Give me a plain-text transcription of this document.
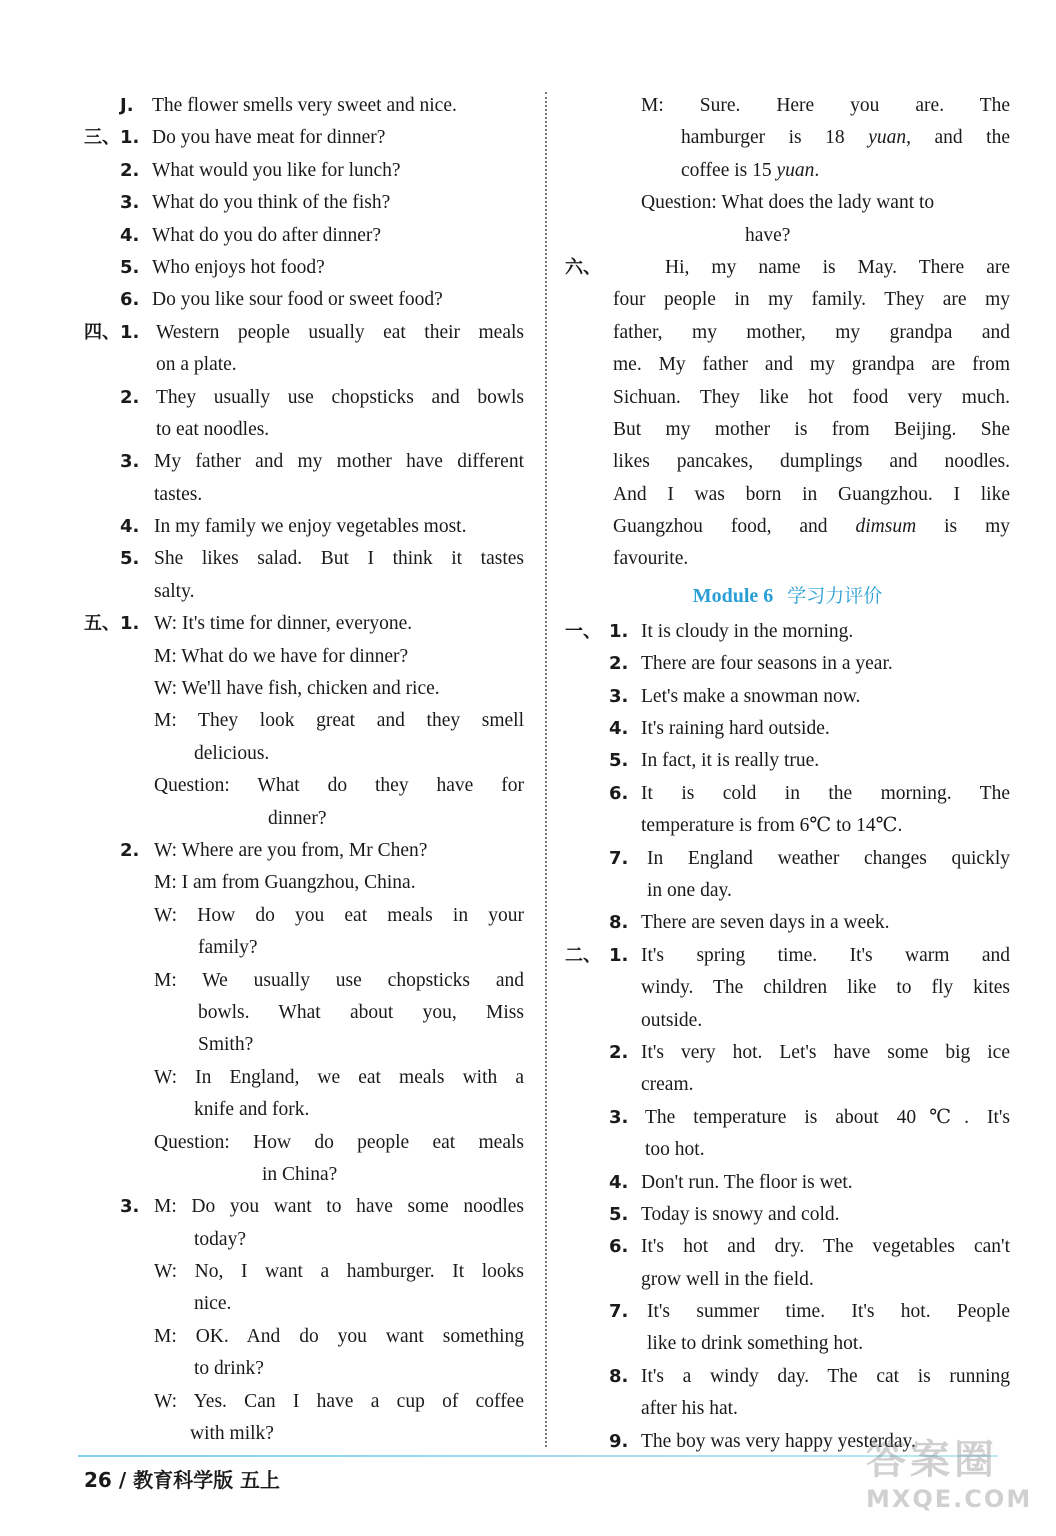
J. The flower smells very sweet and nice.
三、 1. Do you have meat for dinner?
2. What would you like for lunch?
3. What do you think of the fish?
4. What do you do after dinner?
5. Who enjoys hot food?
6. Do you like sour food or sweet food?
四、 1. Western people usually eat their meals
on a plate.
2. They usually use chopsticks and bowls
to eat noodles.
3. My father and my mother have different
tastes.
4. In my family we enjoy vegetables most.
5. She likes salad. But I think it tastes
salty.
五、 1. W: It's time for dinner, everyone.
M: What do we have for dinner?
W: We'll have fish, chicken and rice.
M: They look great and they smell
delicious.
Question: What do they have for
dinner?
2. W: Where are you from, Mr Chen?
M: I am from Guangzhou, China.
W: How do you eat meals in your
family?
M: We usually use chopsticks and
bowls. What about you, Miss
Smith?
W: In England, we eat meals with a
knife and fork.
Question: How do people eat meals
in China?
3. M: Do you want to have some noodles
today?
W: No, I want a hamburger. It looks
nice.
M: OK. And do you want something
to drink?
W: Yes. Can I have a cup of coffee
with milk?
M: Sure. Here you are. The
hamburger is 18 yuan, and the
coffee is 15 yuan.
Question: What does the lady want to
have?
六、	Hi, my name is May. There are
four people in my family. They are my
father, my mother, my grandpa and
me. My father and my grandpa are from
Sichuan. They like hot food very much.
But my mother is from Beijing. She
likes pancakes, dumplings and noodles.
And I was born in Guangzhou. I like
Guangzhou food, and dimsum is my
favourite.
Module 6 学习力评价
一、 1. It is cloudy in the morning.
2. There are four seasons in a year.
3. Let's make a snowman now.
4. It's raining hard outside.
5. In fact, it is really true.
6. It is cold in the morning. The
temperature is from 6℃ to 14℃.
7. In England weather changes quickly
in one day.
8. There are seven days in a week.
二、 1. It's spring time. It's warm and
windy. The children like to fly kites
outside.
2. It's very hot. Let's have some big ice
cream.
3. The temperature is about 40℃. It's
too hot.
4. Don't run. The floor is wet.
5. Today is snowy and cold.
6. It's hot and dry. The vegetables can't
grow well in the field.
7. It's summer time. It's hot. People
like to drink something hot.
8. It's a windy day. The cat is running
after his hat.
9. The boy was very happy yesterday.
26 / 教育科学版 五上	答案圈
MXQE.COM
